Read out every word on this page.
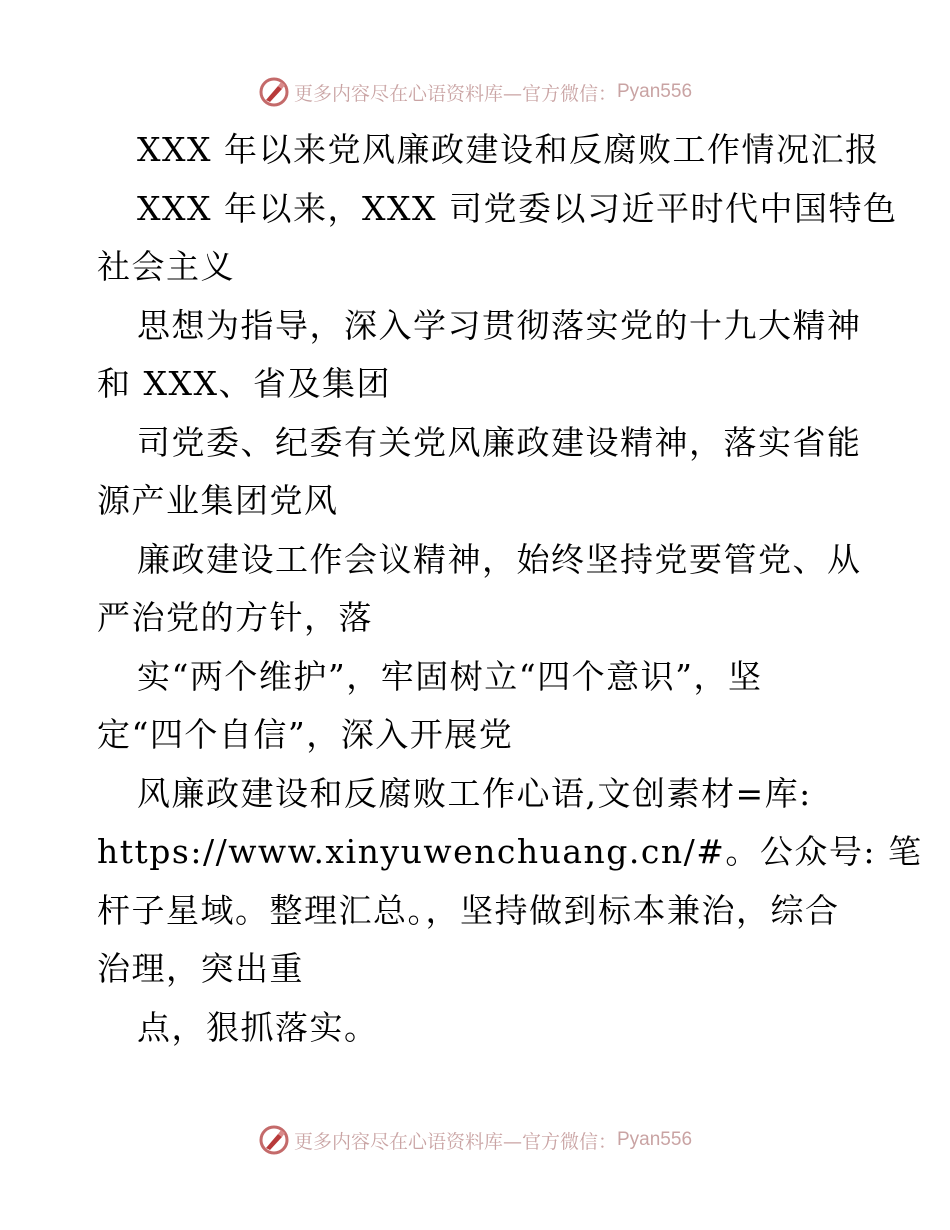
更多内容尽在心语资料库—官方微信： Pyan556
XXX 年以来党风廉政建设和反腐败工作情况汇报
XXX 年以来，XXX 司党委以习近平时代中国特色
社会主义
思想为指导，深入学习贯彻落实党的十九大精神
和 XXX、省及集团
司党委、纪委有关党风廉政建设精神，落实省能
源产业集团党风
廉政建设工作会议精神，始终坚持党要管党、从
严治党的方针，落
实“两个维护”，牢固树立“四个意识”，坚
定“四个自信”，深入开展党
风廉政建设和反腐败工作心语,文创素材=库:
https://www.xinyuwenchuang.cn/#。公众号: 笔
杆子星域。整理汇总。，坚持做到标本兼治，综合
治理，突出重
点，狠抓落实。
更多内容尽在心语资料库—官方微信： Pyan556
